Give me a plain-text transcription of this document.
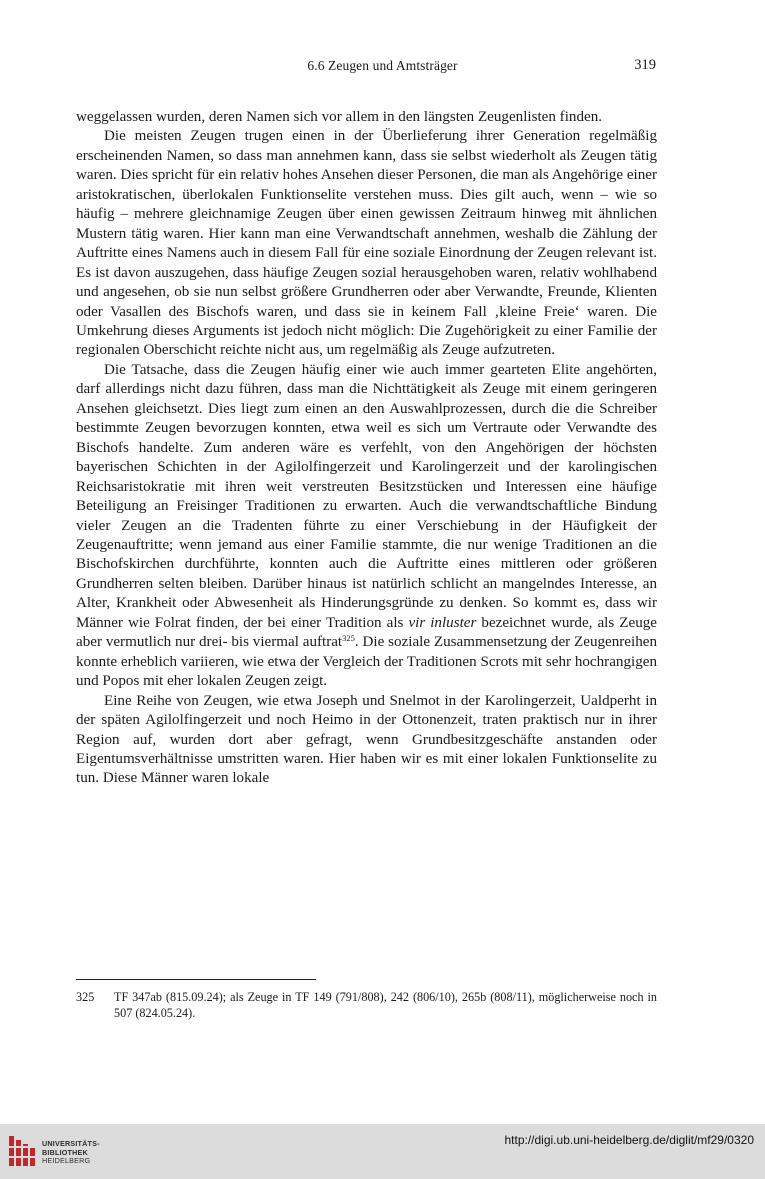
6.6 Zeugen und Amtsträger	319

weggelassen wurden, deren Namen sich vor allem in den längsten Zeugenlisten finden.

Die meisten Zeugen trugen einen in der Überlieferung ihrer Generation regelmäßig erscheinenden Namen, so dass man annehmen kann, dass sie selbst wiederholt als Zeugen tätig waren. Dies spricht für ein relativ hohes Ansehen dieser Personen, die man als Angehörige einer aristokratischen, überlokalen Funktionselite verstehen muss. Dies gilt auch, wenn – wie so häufig – mehrere gleichnamige Zeugen über einen gewissen Zeitraum hinweg mit ähnlichen Mustern tätig waren. Hier kann man eine Verwandtschaft annehmen, weshalb die Zählung der Auftritte eines Namens auch in diesem Fall für eine soziale Einordnung der Zeugen relevant ist. Es ist davon auszugehen, dass häufige Zeugen sozial herausgehoben waren, relativ wohlhabend und angesehen, ob sie nun selbst größere Grundherren oder aber Verwandte, Freunde, Klienten oder Vasallen des Bischofs waren, und dass sie in keinem Fall ‚kleine Freie‘ waren. Die Umkehrung dieses Arguments ist jedoch nicht möglich: Die Zugehörigkeit zu einer Familie der regionalen Oberschicht reichte nicht aus, um regelmäßig als Zeuge aufzutreten.

Die Tatsache, dass die Zeugen häufig einer wie auch immer gearteten Elite angehörten, darf allerdings nicht dazu führen, dass man die Nichttätigkeit als Zeuge mit einem geringeren Ansehen gleichsetzt. Dies liegt zum einen an den Auswahlprozessen, durch die die Schreiber bestimmte Zeugen bevorzugen konnten, etwa weil es sich um Vertraute oder Verwandte des Bischofs handelte. Zum anderen wäre es verfehlt, von den Angehörigen der höchsten bayerischen Schichten in der Agilolfingerzeit und Karolingerzeit und der karolingischen Reichsaristokratie mit ihren weit verstreuten Besitzstücken und Interessen eine häufige Beteiligung an Freisinger Traditionen zu erwarten. Auch die verwandtschaftliche Bindung vieler Zeugen an die Tradenten führte zu einer Verschiebung in der Häufigkeit der Zeugenauftritte; wenn jemand aus einer Familie stammte, die nur wenige Traditionen an die Bischofskirchen durchführte, konnten auch die Auftritte eines mittleren oder größeren Grundherren selten bleiben. Darüber hinaus ist natürlich schlicht an mangelndes Interesse, an Alter, Krankheit oder Abwesenheit als Hinderungsgründe zu denken. So kommt es, dass wir Männer wie Folrat finden, der bei einer Tradition als vir inluster bezeichnet wurde, als Zeuge aber vermutlich nur drei- bis viermal auftrat$^{325}$. Die soziale Zusammensetzung der Zeugenreihen konnte erheblich variieren, wie etwa der Vergleich der Traditionen Scrots mit sehr hochrangigen und Popos mit eher lokalen Zeugen zeigt.

Eine Reihe von Zeugen, wie etwa Joseph und Snelmot in der Karolingerzeit, Ualdperht in der späten Agilolfingerzeit und noch Heimo in der Ottonenzeit, traten praktisch nur in ihrer Region auf, wurden dort aber gefragt, wenn Grundbesitzgeschäfte anstanden oder Eigentumsverhältnisse umstritten waren. Hier haben wir es mit einer lokalen Funktionselite zu tun. Diese Männer waren lokale

325 TF 347ab (815.09.24); als Zeuge in TF 149 (791/808), 242 (806/10), 265b (808/11), möglicherweise noch in 507 (824.05.24).
UNIVERSITÄTS-
BIBLIOTHEK
HEIDELBERG
http://digi.ub.uni-heidelberg.de/diglit/mf29/0320
